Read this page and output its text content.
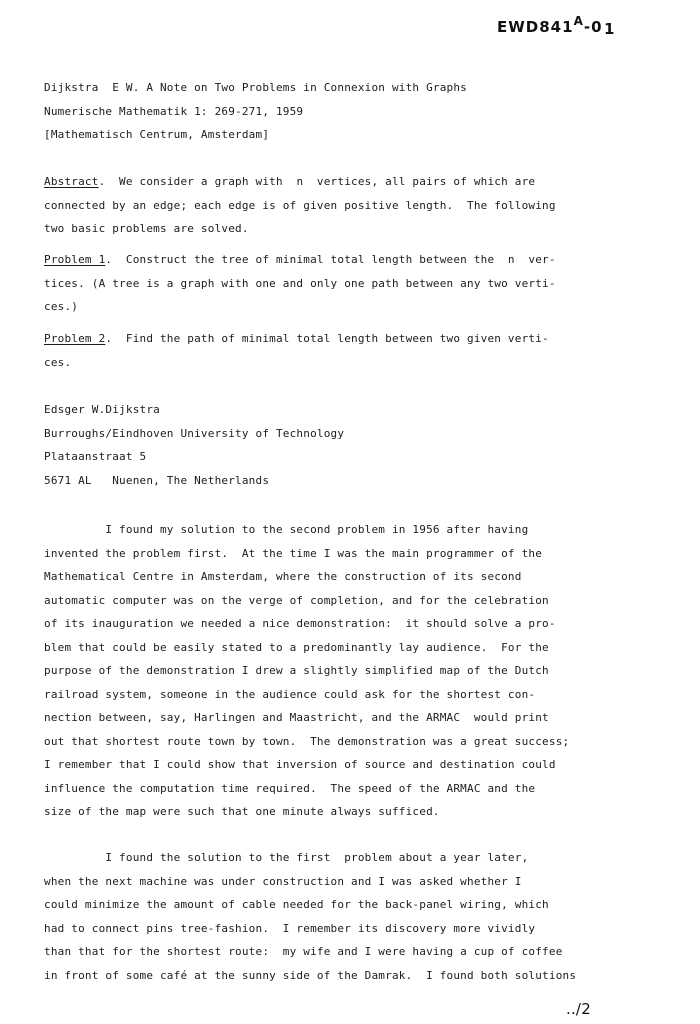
$EWD841^A-0$ 1
Dijkstra  E W. A Note on Two Problems in Connexion with Graphs
Numerische Mathematik 1: 269-271, 1959
[Mathematisch Centrum, Amsterdam]
Abstract.  We consider a graph with  n  vertices, all pairs of which are
connected by an edge; each edge is of given positive length.  The following
two basic problems are solved.
Problem 1.  Construct the tree of minimal total length between the  n  ver-
tices. (A tree is a graph with one and only one path between any two verti-
ces.)
Problem 2.  Find the path of minimal total length between two given verti-
ces.
Edsger W.Dijkstra
Burroughs/Eindhoven University of Technology
Plataanstraat 5
5671 AL   Nuenen, The Netherlands
I found my solution to the second problem in 1956 after having
invented the problem first.  At the time I was the main programmer of the
Mathematical Centre in Amsterdam, where the construction of its second
automatic computer was on the verge of completion, and for the celebration
of its inauguration we needed a nice demonstration:  it should solve a pro-
blem that could be easily stated to a predominantly lay audience.  For the
purpose of the demonstration I drew a slightly simplified map of the Dutch
railroad system, someone in the audience could ask for the shortest con-
nection between, say, Harlingen and Maastricht, and the ARMAC  would print
out that shortest route town by town.  The demonstration was a great success;
I remember that I could show that inversion of source and destination could
influence the computation time required.  The speed of the ARMAC and the
size of the map were such that one minute always sufficed.
I found the solution to the first  problem about a year later,
when the next machine was under construction and I was asked whether I
could minimize the amount of cable needed for the back-panel wiring, which
had to connect pins tree-fashion.  I remember its discovery more vividly
than that for the shortest route:  my wife and I were having a cup of coffee
in front of some café at the sunny side of the Damrak.  I found both solutions
../2
